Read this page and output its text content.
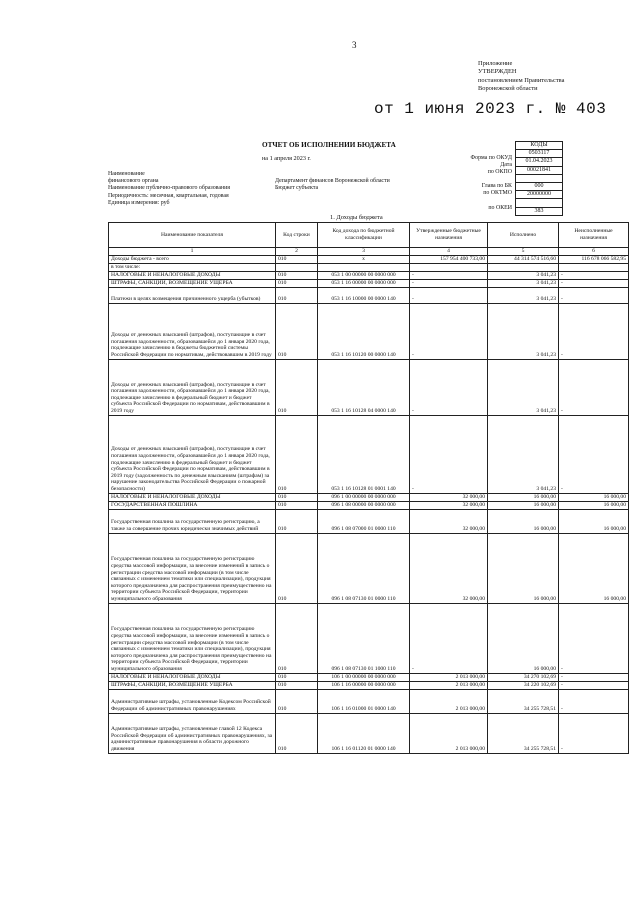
3
Приложение
УТВЕРЖДЕН
постановлением Правительства
Воронежской области
от 1 июня 2023 г. № 403
ОТЧЕТ ОБ ИСПОЛНЕНИИ БЮДЖЕТА
на 1 апреля 2023 г.
Наименование
финансового органа
Наименование публично-правового образования
Периодичность: месячная, квартальная, годовая
Единица измерения: руб
Департамент финансов Воронежской области
Бюджет субъекта
Форма по ОКУД
Дата
по ОКПО
Глава по БК
по ОКТМО
по ОКЕИ
КОДЫ
0503117
01.04.2023
00021841

000
20000000

383
1. Доходы бюджета
Наименование показателя	Код строки	Код дохода по бюджетной классификации	Утвержденные бюджетные назначения	Исполнено	Неисполненные назначения
1	2	3	4	5	6
Доходы бюджета - всего	010	x	157 954 400 733,00	44 314 574 516,60	116 678 066 582,95
в том числе:					
НАЛОГОВЫЕ И НЕНАЛОГОВЫЕ ДОХОДЫ	010	053 1 00 00000 00 0000 000	-	3 041,23	-
ШТРАФЫ, САНКЦИИ, ВОЗМЕЩЕНИЕ УЩЕРБА	010	053 1 16 00000 00 0000 000	-	3 041,23	-
Платежи в целях возмещения причиненного ущерба (убытков)	010	053 1 16 10000 00 0000 140	-	3 041,23	-
Доходы от денежных взысканий (штрафов), поступающие в счет погашения задолженности, образовавшейся до 1 января 2020 года, подлежащие зачислению в бюджеты бюджетной системы Российской Федерации по нормативам, действовавшим в 2019 году	010	053 1 16 10120 00 0000 140	-	3 041,23	-
Доходы от денежных взысканий (штрафов), поступающие в счет погашения задолженности, образовавшейся до 1 января 2020 года, подлежащие зачислению в федеральный бюджет и бюджет субъекта Российской Федерации по нормативам, действовавшим в 2019 году	010	053 1 16 10128 04 0000 140	-	3 041,23	-
Доходы от денежных взысканий (штрафов), поступающие в счет погашения задолженности, образовавшейся до 1 января 2020 года, подлежащие зачислению в федеральный бюджет и бюджет субъекта Российской Федерации по нормативам, действовавшим в 2019 году (задолженность по денежным взысканиям (штрафам) за нарушение законодательства Российской Федерации о пожарной безопасности)	010	053 1 16 10128 01 0001 140	-	3 041,23	-
НАЛОГОВЫЕ И НЕНАЛОГОВЫЕ ДОХОДЫ	010	096 1 00 00000 00 0000 000	32 000,00	16 000,00	16 000,00
ГОСУДАРСТВЕННАЯ ПОШЛИНА	010	096 1 08 00000 00 0000 000	32 000,00	16 000,00	16 000,00
Государственная пошлина за государственную регистрацию, а также за совершение прочих юридически значимых действий	010	096 1 08 07000 01 0000 110	32 000,00	16 000,00	16 000,00
Государственная пошлина за государственную регистрацию средства массовой информации, за внесение изменений в запись о регистрации средства массовой информации (в том числе связанных с изменением тематики или специализации), продукция которого предназначена для распространения преимущественно на территории субъекта Российской Федерации, территории муниципального образования	010	096 1 08 07130 01 0000 110	32 000,00	16 000,00	16 000,00
Государственная пошлина за государственную регистрацию средства массовой информации, за внесение изменений в запись о регистрации средства массовой информации (в том числе связанных с изменением тематики или специализации), продукция которого предназначена для распространения преимущественно на территории субъекта Российской Федерации, территории муниципального образования	010	096 1 08 07130 01 1000 110	-	16 000,00	-
НАЛОГОВЫЕ И НЕНАЛОГОВЫЕ ДОХОДЫ	010	106 1 00 00000 00 0000 000	2 013 000,00	34 270 102,69	-
ШТРАФЫ, САНКЦИИ, ВОЗМЕЩЕНИЕ УЩЕРБА	010	106 1 16 00000 00 0000 000	2 013 000,00	34 220 102,69	-
Административные штрафы, установленные Кодексом Российской Федерации об административных правонарушениях	010	106 1 16 01000 01 0000 140	2 013 000,00	34 255 728,51	-
Административные штрафы, установленные главой 12 Кодекса Российской Федерации об административных правонарушениях, за административные правонарушения в области дорожного движения	010	106 1 16 01120 01 0000 140	2 013 000,00	34 255 728,51	-
